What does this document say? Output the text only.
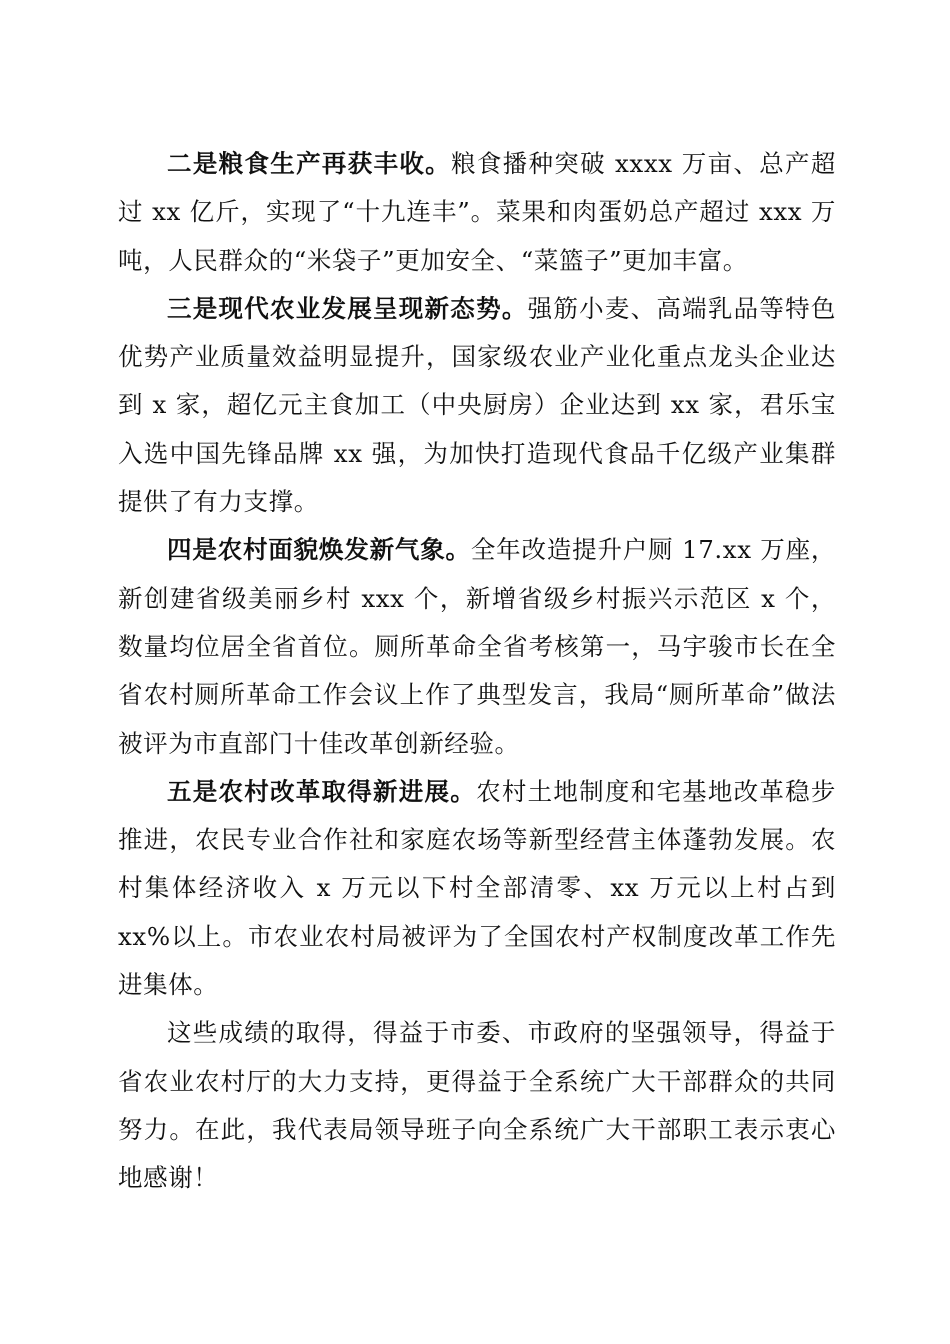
二是粮食生产再获丰收。粮食播种突破 xxxx 万亩、总产超过 xx 亿斤，实现了“十九连丰”。菜果和肉蛋奶总产超过 xxx 万吨，人民群众的“米袋子”更加安全、“菜篮子”更加丰富。

三是现代农业发展呈现新态势。强筋小麦、高端乳品等特色优势产业质量效益明显提升，国家级农业产业化重点龙头企业达到 x 家，超亿元主食加工（中央厨房）企业达到 xx 家，君乐宝入选中国先锋品牌 xx 强，为加快打造现代食品千亿级产业集群提供了有力支撑。

四是农村面貌焕发新气象。全年改造提升户厕 17.xx 万座，新创建省级美丽乡村 xxx 个，新增省级乡村振兴示范区 x 个，数量均位居全省首位。厕所革命全省考核第一，马宇骏市长在全省农村厕所革命工作会议上作了典型发言，我局“厕所革命”做法被评为市直部门十佳改革创新经验。

五是农村改革取得新进展。农村土地制度和宅基地改革稳步推进，农民专业合作社和家庭农场等新型经营主体蓬勃发展。农村集体经济收入 x 万元以下村全部清零、xx 万元以上村占到 xx%以上。市农业农村局被评为了全国农村产权制度改革工作先进集体。

这些成绩的取得，得益于市委、市政府的坚强领导，得益于省农业农村厅的大力支持，更得益于全系统广大干部群众的共同努力。在此，我代表局领导班子向全系统广大干部职工表示衷心地感谢！
